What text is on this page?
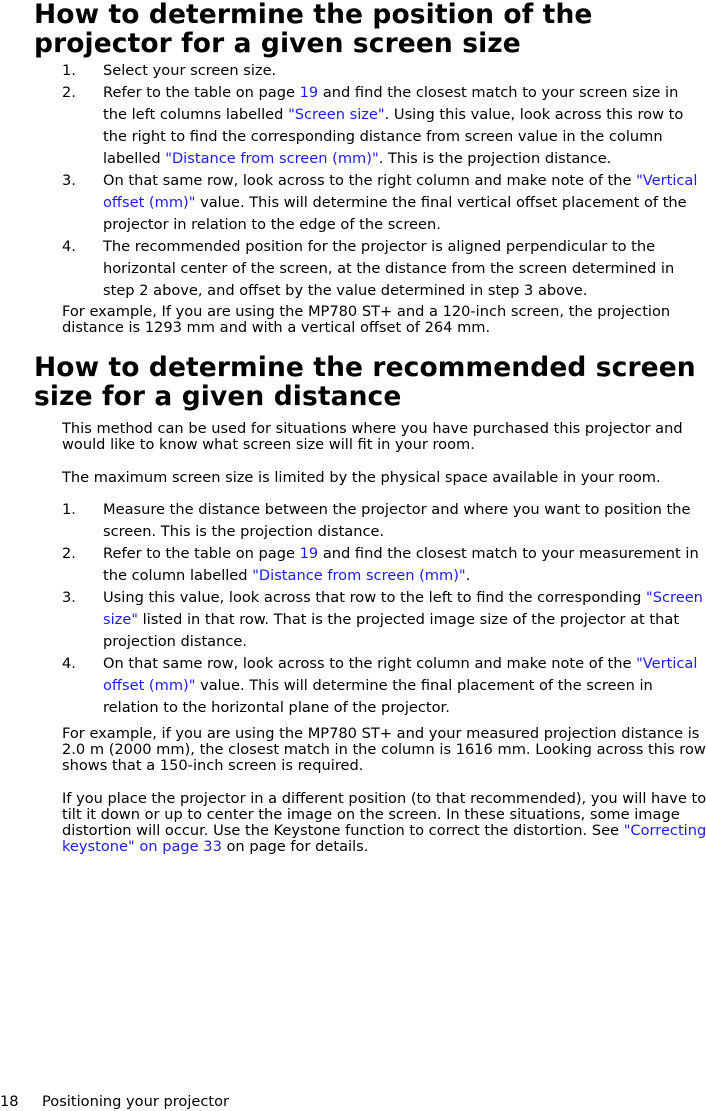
How to determine the position of the projector for a given screen size
1. Select your screen size.
2. Refer to the table on page 19 and find the closest match to your screen size in the left columns labelled "Screen size". Using this value, look across this row to the right to find the corresponding distance from screen value in the column labelled "Distance from screen (mm)". This is the projection distance.
3. On that same row, look across to the right column and make note of the "Vertical offset (mm)" value. This will determine the final vertical offset placement of the projector in relation to the edge of the screen.
4. The recommended position for the projector is aligned perpendicular to the horizontal center of the screen, at the distance from the screen determined in step 2 above, and offset by the value determined in step 3 above.

For example, If you are using the MP780 ST+ and a 120-inch screen, the projection distance is 1293 mm and with a vertical offset of 264 mm.

How to determine the recommended screen size for a given distance

This method can be used for situations where you have purchased this projector and would like to know what screen size will fit in your room.

The maximum screen size is limited by the physical space available in your room.

1. Measure the distance between the projector and where you want to position the screen. This is the projection distance.
2. Refer to the table on page 19 and find the closest match to your measurement in the column labelled "Distance from screen (mm)".
3. Using this value, look across that row to the left to find the corresponding "Screen size" listed in that row. That is the projected image size of the projector at that projection distance.
4. On that same row, look across to the right column and make note of the "Vertical offset (mm)" value. This will determine the final placement of the screen in relation to the horizontal plane of the projector.

For example, if you are using the MP780 ST+ and your measured projection distance is 2.0 m (2000 mm), the closest match in the column is 1616 mm. Looking across this row shows that a 150-inch screen is required.

If you place the projector in a different position (to that recommended), you will have to tilt it down or up to center the image on the screen. In these situations, some image distortion will occur. Use the Keystone function to correct the distortion. See "Correcting keystone" on page 33 on page for details.

18 Positioning your projector
